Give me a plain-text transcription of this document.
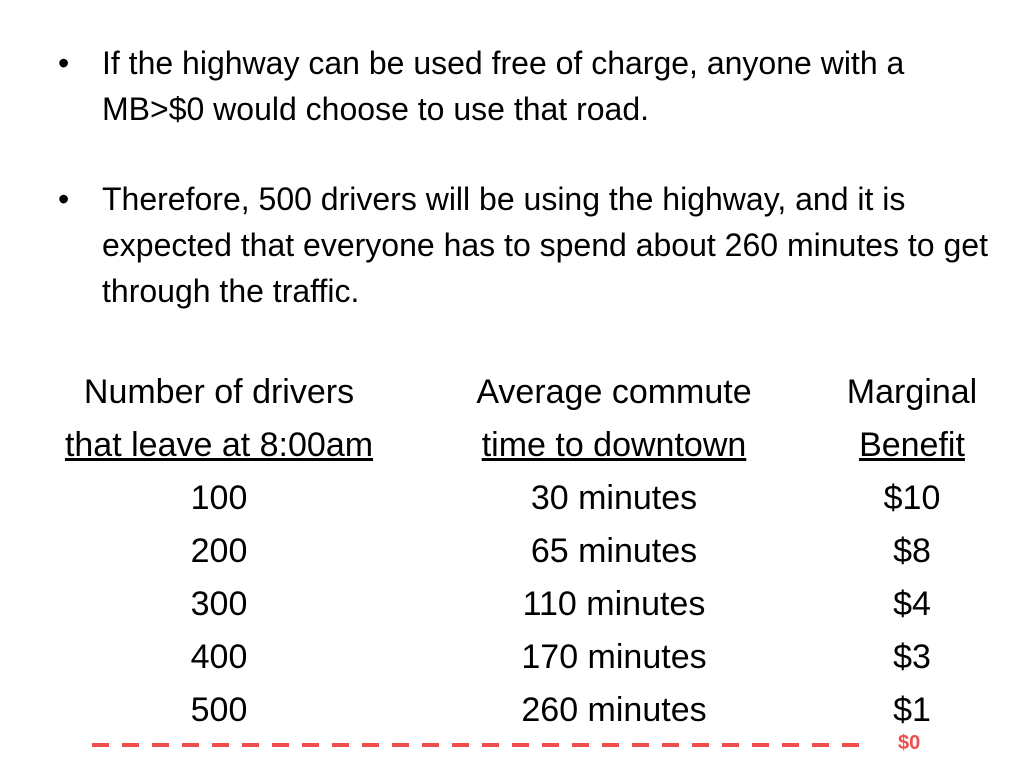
• If the highway can be used free of charge, anyone with a MB>$0 would choose to use that road.
• Therefore, 500 drivers will be using the highway, and it is expected that everyone has to spend about 260 minutes to get through the traffic.
Number of drivers
that leave at 8:00am
100
200
300
400
500
Average commute
time to downtown
30 minutes
65 minutes
110 minutes
170 minutes
260 minutes
Marginal
Benefit
$10
$8
$4
$3
$1
$0
